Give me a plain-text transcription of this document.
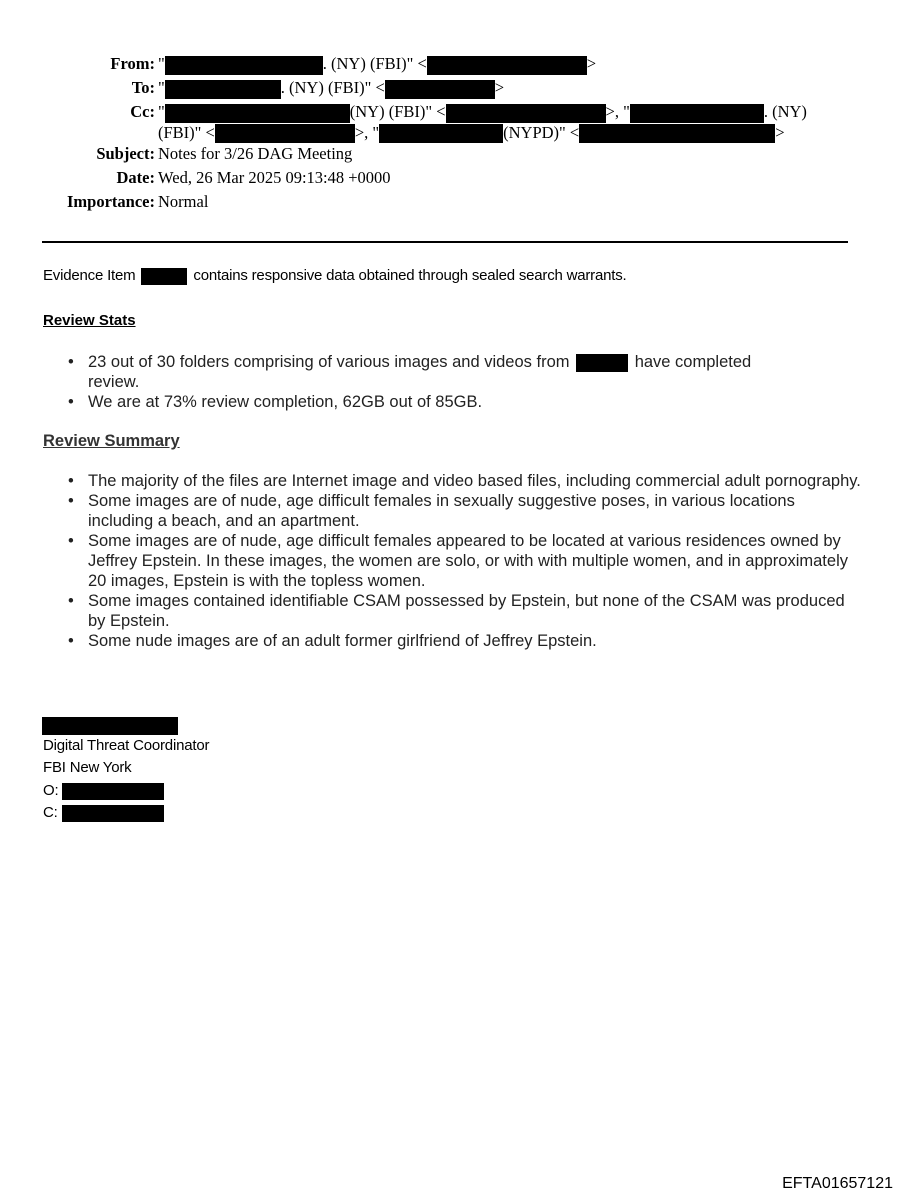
From: "	. (NY) (FBI)" <	>
To: "	. (NY) (FBI)" <	>
Cc: "	(NY) (FBI)" <	>, "	. (NY)
(FBI)" <	>, "	(NYPD)" <	>
Subject: Notes for 3/26 DAG Meeting
Date: Wed, 26 Mar 2025 09:13:48 +0000
Importance: Normal
Evidence Item	contains responsive data obtained through sealed search warrants.
Review Stats
• 23 out of 30 folders comprising of various images and videos from	have completed
review.
• We are at 73% review completion, 62GB out of 85GB.
Review Summary
• The majority of the files are Internet image and video based files, including commercial adult pornography.
• Some images are of nude, age difficult females in sexually suggestive poses, in various locations including a beach, and an apartment.
• Some images are of nude, age difficult females appeared to be located at various residences owned by Jeffrey Epstein. In these images, the women are solo, or with with multiple women, and in approximately 20 images, Epstein is with the topless women.
• Some images contained identifiable CSAM possessed by Epstein, but none of the CSAM was produced by Epstein.
• Some nude images are of an adult former girlfriend of Jeffrey Epstein.
Digital Threat Coordinator
FBI New York
O:
C:
EFTA01657121
